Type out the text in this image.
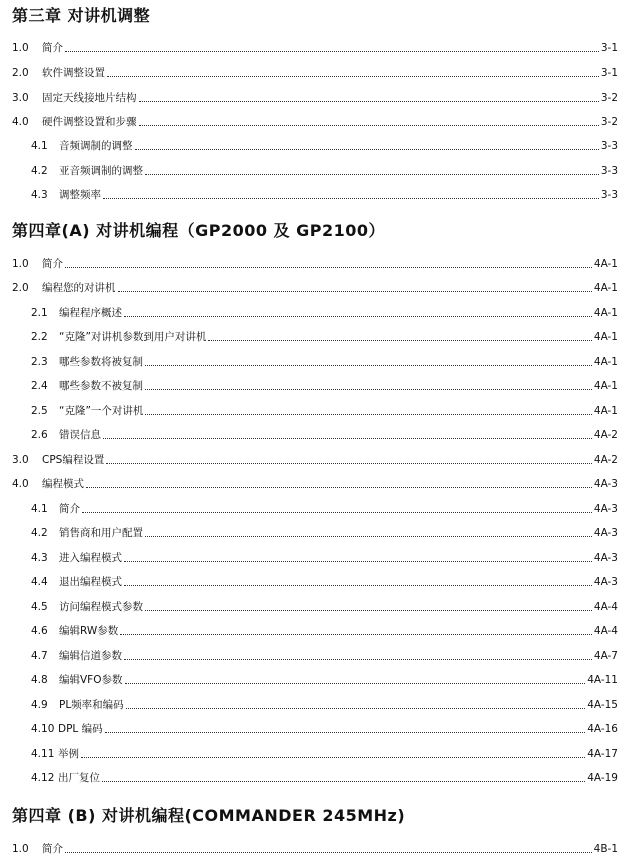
第三章 对讲机调整
1.0	简介	3-1
2.0	软件调整设置	3-1
3.0	固定天线接地片结构	3-2
4.0	硬件调整设置和步骤	3-2
4.1	音频调制的调整	3-3
4.2	亚音频调制的调整	3-3
4.3	调整频率	3-3
第四章(A) 对讲机编程（GP2000 及 GP2100）
1.0	简介	4A-1
2.0	编程您的对讲机	4A-1
2.1	编程程序概述	4A-1
2.2	“克隆”对讲机参数到用户对讲机	4A-1
2.3	哪些参数将被复制	4A-1
2.4	哪些参数不被复制	4A-1
2.5	“克隆”一个对讲机	4A-1
2.6	错误信息	4A-2
3.0	CPS编程设置	4A-2
4.0	编程模式	4A-3
4.1	简介	4A-3
4.2	销售商和用户配置	4A-3
4.3	进入编程模式	4A-3
4.4	退出编程模式	4A-3
4.5	访问编程模式参数	4A-4
4.6	编辑RW参数	4A-4
4.7	编辑信道参数	4A-7
4.8	编辑VFO参数	4A-11
4.9	PL频率和编码	4A-15
4.10 DPL 编码	4A-16
4.11 举例	4A-17
4.12 出厂复位	4A-19
第四章 (B) 对讲机编程(COMMANDER 245MHz)
1.0	简介	4B-1
